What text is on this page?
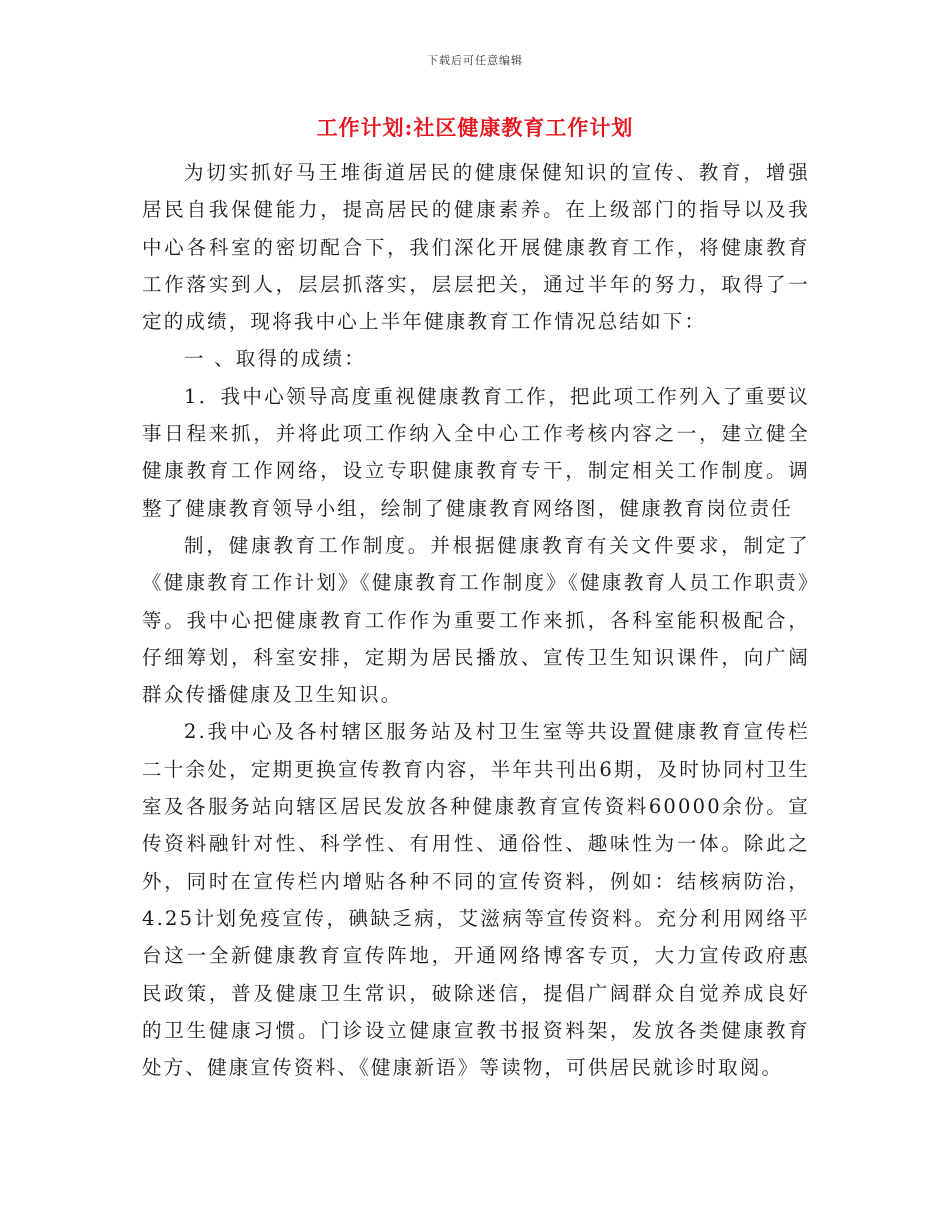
下载后可任意编辑
工作计划:社区健康教育工作计划

为切实抓好马王堆街道居民的健康保健知识的宣传、教育，增强居民自我保健能力，提高居民的健康素养。在上级部门的指导以及我中心各科室的密切配合下，我们深化开展健康教育工作，将健康教育工作落实到人，层层抓落实，层层把关，通过半年的努力，取得了一定的成绩，现将我中心上半年健康教育工作情况总结如下：

一 、取得的成绩：

1．我中心领导高度重视健康教育工作，把此项工作列入了重要议事日程来抓，并将此项工作纳入全中心工作考核内容之一，建立健全健康教育工作网络，设立专职健康教育专干，制定相关工作制度。调整了健康教育领导小组，绘制了健康教育网络图，健康教育岗位责任

制，健康教育工作制度。并根据健康教育有关文件要求，制定了《健康教育工作计划》《健康教育工作制度》《健康教育人员工作职责》等。我中心把健康教育工作作为重要工作来抓，各科室能积极配合，仔细筹划，科室安排，定期为居民播放、宣传卫生知识课件，向广阔群众传播健康及卫生知识。

2.我中心及各村辖区服务站及村卫生室等共设置健康教育宣传栏二十余处，定期更换宣传教育内容，半年共刊出6期，及时协同村卫生室及各服务站向辖区居民发放各种健康教育宣传资料60000余份。宣传资料融针对性、科学性、有用性、通俗性、趣味性为一体。除此之外，同时在宣传栏内增贴各种不同的宣传资料，例如：结核病防治，4.25计划免疫宣传，碘缺乏病，艾滋病等宣传资料。充分利用网络平台这一全新健康教育宣传阵地，开通网络博客专页，大力宣传政府惠民政策，普及健康卫生常识，破除迷信，提倡广阔群众自觉养成良好的卫生健康习惯。门诊设立健康宣教书报资料架，发放各类健康教育处方、健康宣传资料、《健康新语》等读物，可供居民就诊时取阅。
